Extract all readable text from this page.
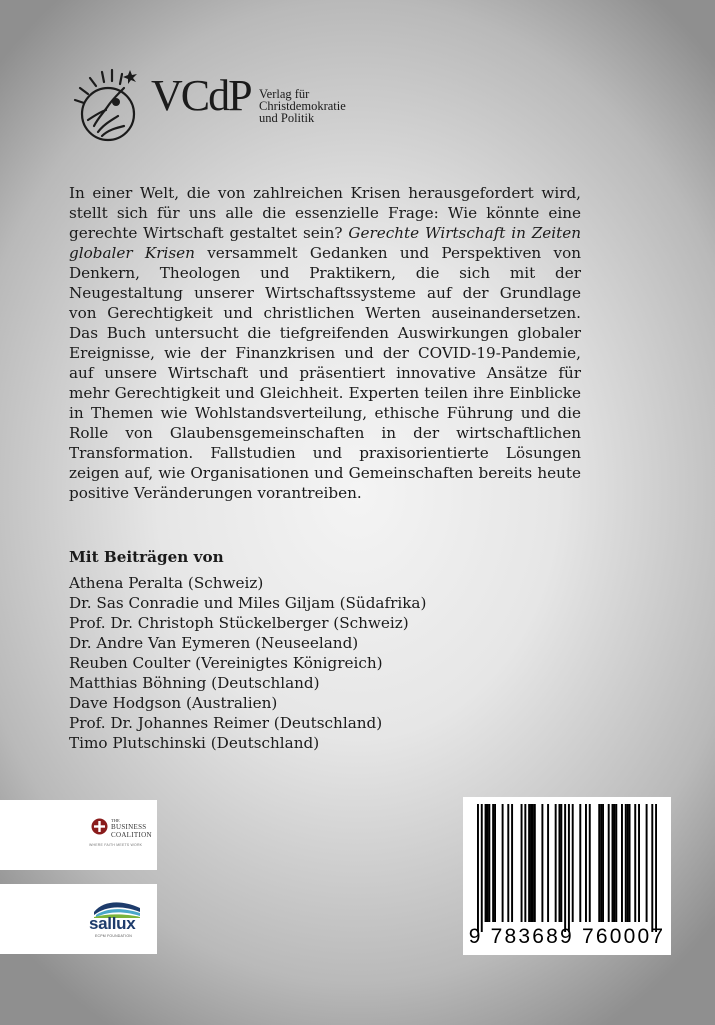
VCdP Verlag für
Christdemokratie
und Politik

In einer Welt, die von zahlreichen Krisen herausgefordert wird, stellt sich für uns alle die essenzielle Frage: Wie könnte eine gerechte Wirtschaft gestaltet sein? Gerechte Wirtschaft in Zeiten globaler Krisen versammelt Gedanken und Perspektiven von Denkern, Theologen und Praktikern, die sich mit der Neugestaltung unserer Wirtschaftssysteme auf der Grundlage von Gerechtigkeit und christlichen Werten auseinandersetzen. Das Buch untersucht die tiefgreifenden Auswirkungen globaler Ereignisse, wie der Finanzkrisen und der COVID-19-Pandemie, auf unsere Wirtschaft und präsentiert innovative Ansätze für mehr Gerechtigkeit und Gleichheit. Experten teilen ihre Einblicke in Themen wie Wohlstandsverteilung, ethische Führung und die Rolle von Glaubensgemeinschaften in der wirtschaftlichen Transformation. Fallstudien und praxisorientierte Lösungen zeigen auf, wie Organisationen und Gemeinschaften bereits heute positive Veränderungen vorantreiben.

Mit Beiträgen von
Athena Peralta (Schweiz)
Dr. Sas Conradie und Miles Giljam (Südafrika)
Prof. Dr. Christoph Stückelberger (Schweiz)
Dr. Andre Van Eymeren (Neuseeland)
Reuben Coulter (Vereinigtes Königreich)
Matthias Böhning (Deutschland)
Dave Hodgson (Australien)
Prof. Dr. Johannes Reimer (Deutschland)
Timo Plutschinski (Deutschland)
THE
BUSINESS
COALITION
WHERE FAITH MEETS WORK
sallux
ECPM FOUNDATION	9 783689 760007
